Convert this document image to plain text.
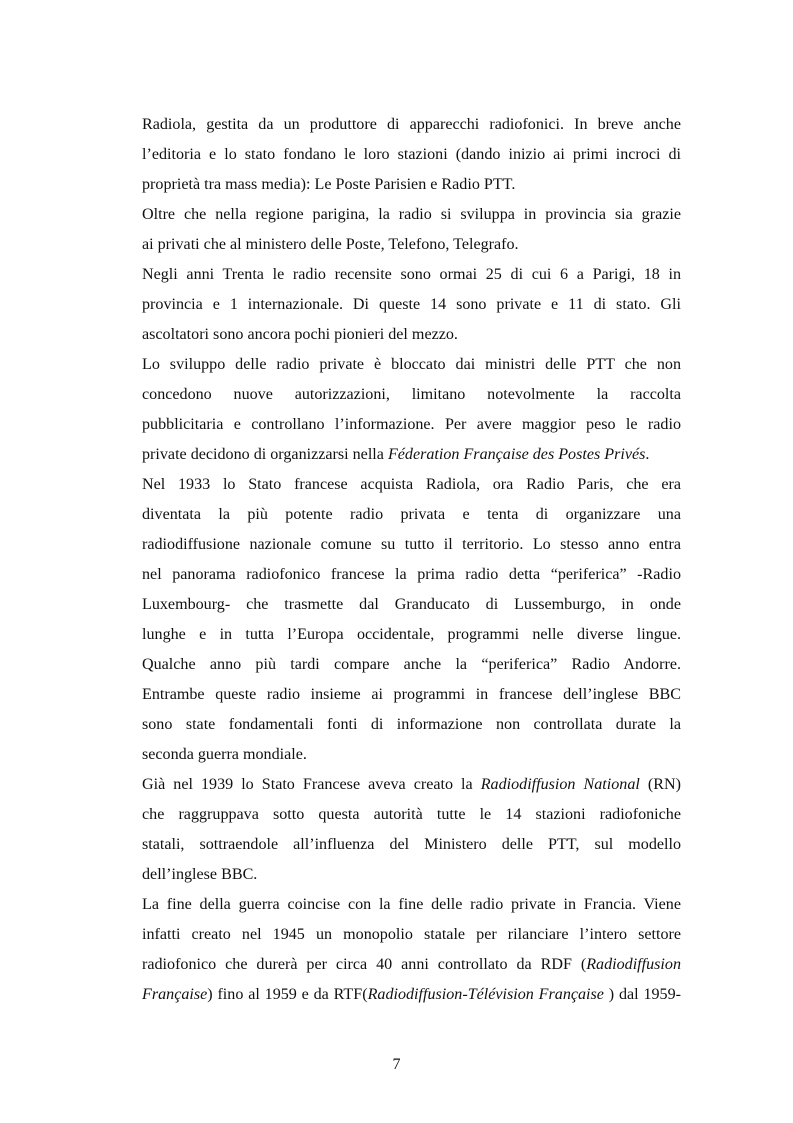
Radiola, gestita da un produttore di apparecchi radiofonici. In breve anche
l’editoria e lo stato fondano le loro stazioni (dando inizio ai primi incroci di
proprietà tra mass media): Le Poste Parisien e Radio PTT.
Oltre che nella regione parigina, la radio si sviluppa in provincia sia grazie
ai privati che al ministero delle Poste, Telefono, Telegrafo.
Negli anni Trenta le radio recensite sono ormai 25 di cui 6 a Parigi, 18 in
provincia e 1 internazionale. Di queste 14 sono private e 11 di stato. Gli
ascoltatori sono ancora pochi pionieri del mezzo.
Lo sviluppo delle radio private è bloccato dai ministri delle PTT che non
concedono nuove autorizzazioni, limitano notevolmente la raccolta
pubblicitaria e controllano l’informazione. Per avere maggior peso le radio
private decidono di organizzarsi nella Féderation Française des Postes Privés.
Nel 1933 lo Stato francese acquista Radiola, ora Radio Paris, che era
diventata la più potente radio privata e tenta di organizzare una
radiodiffusione nazionale comune su tutto il territorio. Lo stesso anno entra
nel panorama radiofonico francese la prima radio detta “periferica” -Radio
Luxembourg- che trasmette dal Granducato di Lussemburgo, in onde
lunghe e in tutta l’Europa occidentale, programmi nelle diverse lingue.
Qualche anno più tardi compare anche la “periferica” Radio Andorre.
Entrambe queste radio insieme ai programmi in francese dell’inglese BBC
sono state fondamentali fonti di informazione non controllata durate la
seconda guerra mondiale.
Già nel 1939 lo Stato Francese aveva creato la Radiodiffusion National (RN)
che raggruppava sotto questa autorità tutte le 14 stazioni radiofoniche
statali, sottraendole all’influenza del Ministero delle PTT, sul modello
dell’inglese BBC.
La fine della guerra coincise con la fine delle radio private in Francia. Viene
infatti creato nel 1945 un monopolio statale per rilanciare l’intero settore
radiofonico che durerà per circa 40 anni controllato da RDF (Radiodiffusion
Française) fino al 1959 e da RTF(Radiodiffusion-Télévision Française ) dal 1959-
7
